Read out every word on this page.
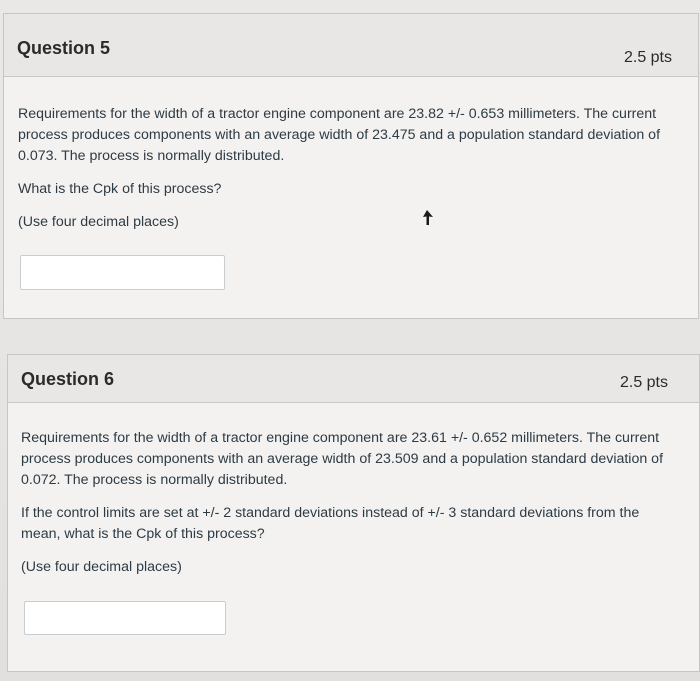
Question 5	2.5 pts

Requirements for the width of a tractor engine component are 23.82 +/- 0.653 millimeters. The current process produces components with an average width of 23.475 and a population standard deviation of 0.073. The process is normally distributed.

What is the Cpk of this process?

(Use four decimal places)

Question 6	2.5 pts

Requirements for the width of a tractor engine component are 23.61 +/- 0.652 millimeters. The current process produces components with an average width of 23.509 and a population standard deviation of 0.072. The process is normally distributed.

If the control limits are set at +/- 2 standard deviations instead of +/- 3 standard deviations from the mean, what is the Cpk of this process?

(Use four decimal places)
